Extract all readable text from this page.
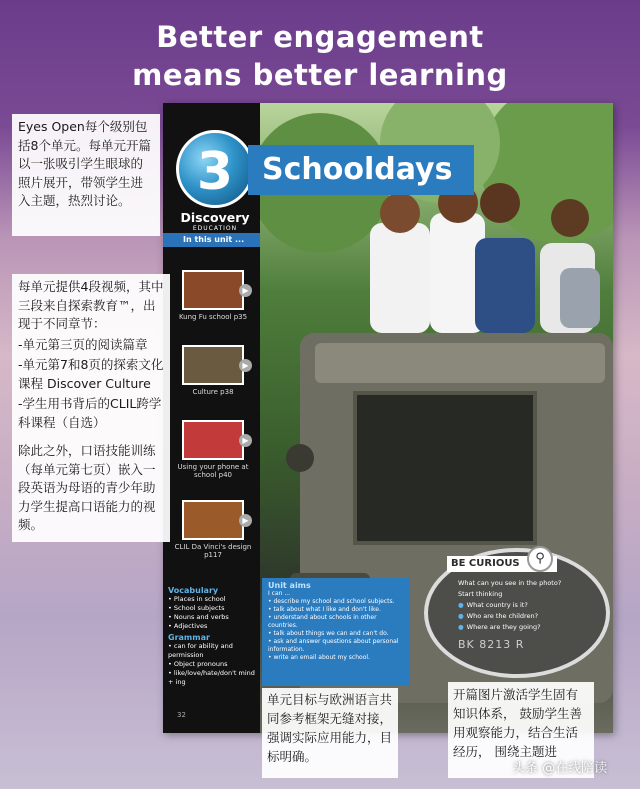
Better engagement
means better learning
3 Schooldays
Discovery
EDUCATION
In this unit ...
▶
Kung Fu school p35
▶
Culture p38
▶
Using your phone at school p40
▶
CLIL Da Vinci's design p117
Vocabulary
• Places in school
• School subjects
• Nouns and verbs
• Adjectives
Grammar
• can for ability and permission
• Object pronouns
• like/love/hate/don't mind + ing
32
Unit aims
I can ...
• describe my school and school subjects.
• talk about what I like and don't like.
• understand about schools in other countries.
• talk about things we can and can't do.
• ask and answer questions about personal information.
• write an email about my school.
BE CURIOUS	⚲
What can you see in the photo?
Start thinking
● What country is it?
● Who are the children?
● Where are they going?
BK 8213 R

Eyes Open每个级别包括8个单元。每单元开篇以一张吸引学生眼球的照片展开，带领学生进入主题，热烈讨论。

每单元提供4段视频，其中三段来自探索教育™，出现于不同章节：

-单元第三页的阅读篇章

-单元第7和8页的探索文化课程 Discover Culture

-学生用书背后的CLIL跨学科课程（自选）

除此之外，口语技能训练（每单元第七页）嵌入一段英语为母语的青少年助力学生提高口语能力的视频。

单元目标与欧洲语言共同参考框架无缝对接， 强调实际应用能力，目标明确。

开篇图片激活学生固有知识体系， 鼓励学生善用观察能力，结合生活经历， 围绕主题进

头条 @在线陪读
